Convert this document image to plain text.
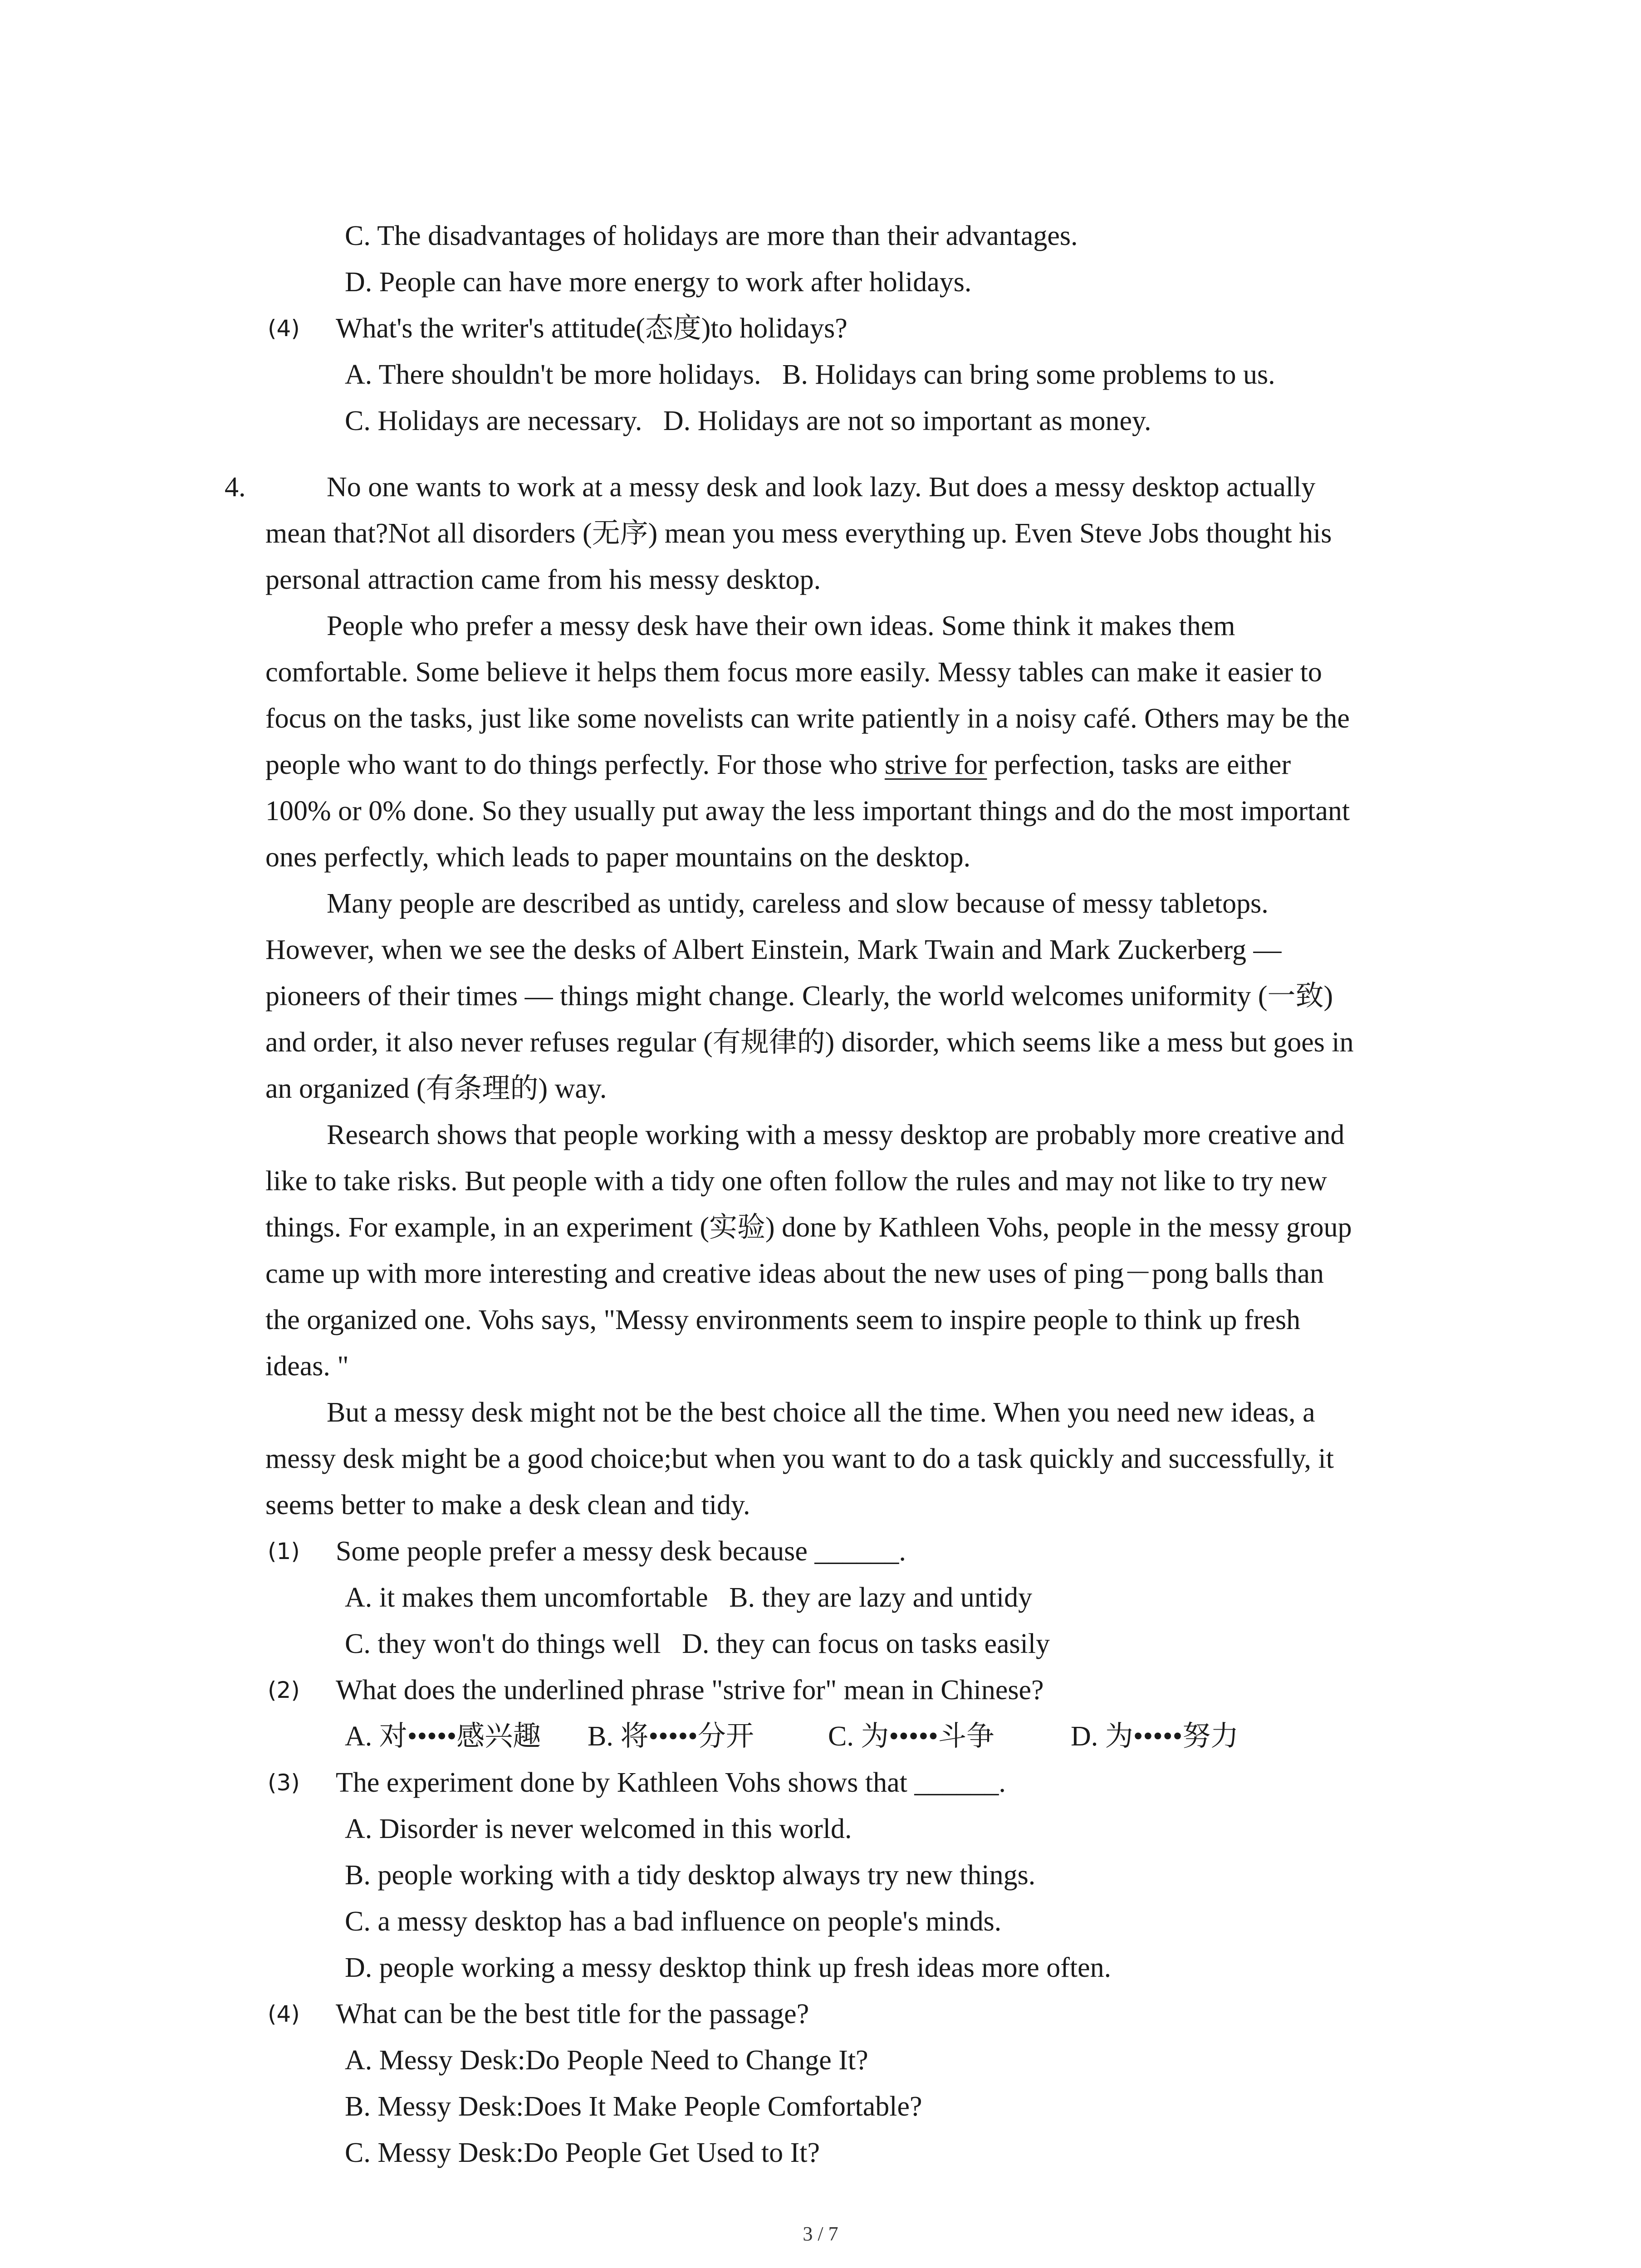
C. The disadvantages of holidays are more than their advantages.
D. People can have more energy to work after holidays.
(4) What's the writer's attitude(态度)to holidays?
A. There shouldn't be more holidays. B. Holidays can bring some problems to us.
C. Holidays are necessary. D. Holidays are not so important as money.
4.	No one wants to work at a messy desk and look lazy. But does a messy desktop actually
mean that?Not all disorders (无序) mean you mess everything up. Even Steve Jobs thought his
personal attraction came from his messy desktop.
People who prefer a messy desk have their own ideas. Some think it makes them
comfortable. Some believe it helps them focus more easily. Messy tables can make it easier to
focus on the tasks, just like some novelists can write patiently in a noisy café. Others may be the
people who want to do things perfectly. For those who strive for perfection, tasks are either
100% or 0% done. So they usually put away the less important things and do the most important
ones perfectly, which leads to paper mountains on the desktop.
Many people are described as untidy, careless and slow because of messy tabletops.
However, when we see the desks of Albert Einstein, Mark Twain and Mark Zuckerberg —
pioneers of their times — things might change. Clearly, the world welcomes uniformity (一致)
and order, it also never refuses regular (有规律的) disorder, which seems like a mess but goes in
an organized (有条理的) way.
Research shows that people working with a messy desktop are probably more creative and
like to take risks. But people with a tidy one often follow the rules and may not like to try new
things. For example, in an experiment (实验) done by Kathleen Vohs, people in the messy group
came up with more interesting and creative ideas about the new uses of ping－pong balls than
the organized one. Vohs says, "Messy environments seem to inspire people to think up fresh
ideas. "
But a messy desk might not be the best choice all the time. When you need new ideas, a
messy desk might be a good choice;but when you want to do a task quickly and successfully, it
seems better to make a desk clean and tidy.
(1) Some people prefer a messy desk because ______.
A. it makes them uncomfortable B. they are lazy and untidy
C. they won't do things well D. they can focus on tasks easily
(2) What does the underlined phrase "strive for" mean in Chinese?
A. 对•••••感兴趣 B. 将•••••分开	C. 为•••••斗争	D. 为•••••努力
(3) The experiment done by Kathleen Vohs shows that ______.
A. Disorder is never welcomed in this world.
B. people working with a tidy desktop always try new things.
C. a messy desktop has a bad influence on people's minds.
D. people working a messy desktop think up fresh ideas more often.
(4) What can be the best title for the passage?
A. Messy Desk:Do People Need to Change It?
B. Messy Desk:Does It Make People Comfortable?
C. Messy Desk:Do People Get Used to It?
3 / 7
